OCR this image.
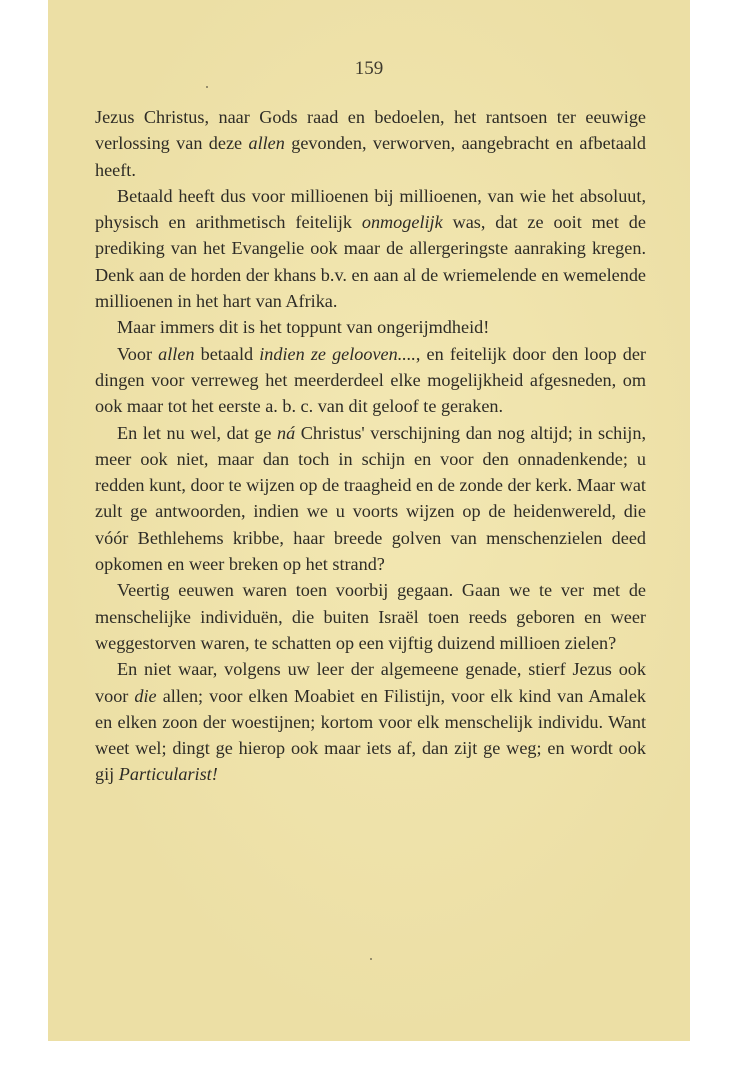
159

Jezus Christus, naar Gods raad en bedoelen, het rantsoen ter eeuwige verlossing van deze allen gevonden, verworven, aangebracht en afbetaald heeft.

Betaald heeft dus voor millioenen bij millioenen, van wie het absoluut, physisch en arithmetisch feitelijk onmogelijk was, dat ze ooit met de prediking van het Evangelie ook maar de allergeringste aanraking kregen. Denk aan de horden der khans b.v. en aan al de wriemelende en wemelende millioenen in het hart van Afrika.

Maar immers dit is het toppunt van ongerijmdheid!

Voor allen betaald indien ze gelooven...., en feitelijk door den loop der dingen voor verreweg het meerderdeel elke mogelijkheid afgesneden, om ook maar tot het eerste a. b. c. van dit geloof te geraken.

En let nu wel, dat ge ná Christus' verschijning dan nog altijd; in schijn, meer ook niet, maar dan toch in schijn en voor den onnadenkende; u redden kunt, door te wijzen op de traagheid en de zonde der kerk. Maar wat zult ge antwoorden, indien we u voorts wijzen op de heidenwereld, die vóór Bethlehems kribbe, haar breede golven van menschenzielen deed opkomen en weer breken op het strand?

Veertig eeuwen waren toen voorbij gegaan. Gaan we te ver met de menschelijke individuën, die buiten Israël toen reeds geboren en weer weggestorven waren, te schatten op een vijftig duizend millioen zielen?

En niet waar, volgens uw leer der algemeene genade, stierf Jezus ook voor die allen; voor elken Moabiet en Filistijn, voor elk kind van Amalek en elken zoon der woestijnen; kortom voor elk menschelijk individu. Want weet wel; dingt ge hierop ook maar iets af, dan zijt ge weg; en wordt ook gij Particularist!
